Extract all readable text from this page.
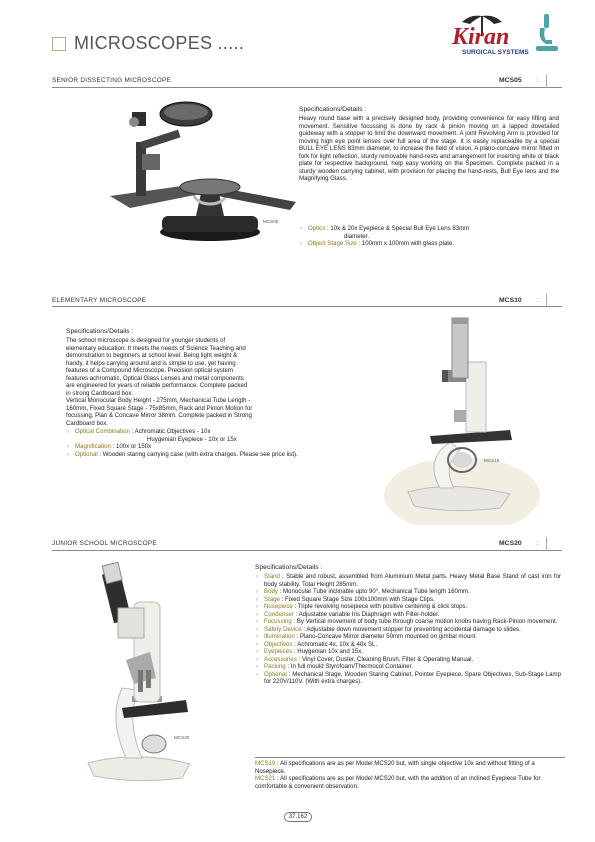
MICROSCOPES .....	Kiran
SURGICAL SYSTEMS
SENIOR DISSECTING MICROSCOPE	MCS05 ::
MCS05
Specifications/Details :
Heavy round base with a precisely designed body, providing convenience for easy lifting and movement. Sensitive focussing is done by rack & pinion moving on a lapped dovetailed guideway with a stopper to limit the downward movement. A joint Revolving Arm is provided for moving high eye point lenses over full area of the stage. It is easily replaceable by a special BULL EYE LENS 83mm diameter, to increase the field of vision. A plano-concave mirror fitted in fork for light reflection, sturdy removable hand-rests and arrangement for inserting white or black plate for respective background, help easy working on the Specimen. Complete packed in a sturdy wooden carrying cabinet, with provision for placing the hand-rests, Bull Eye lens and the Magnifying Glass.
› Optics : 10x & 20x Eyepiece & Special Bull Eye Lens 83mm
diameter.
› Object Stage Size : 100mm x 100mm with glass plate.
ELEMENTARY MICROSCOPE	MCS10 ::
Specifications/Details :
The school microscope is designed for younger students of
elementary education. It meets the needs of Science Teaching and
demonstration to beginners at school level. Being light weight &
handy, it helps carrying around and is simple to use, yet having
features of a Compound Microscope. Precision optical system
features achromatic, Optical Glass Lenses and metal components
are engineered for years of reliable performance. Complete packed
in strong Cardboard box.
Vertical Monocular Body Height - 275mm, Mechanical Tube Length -
160mm, Fixed Square Stage - 75x85mm, Rack and Pinion Motion for
focussing, Plan & Concave Mirror 38mm. Complete packed in Strong
Cardboard box.
› Optical Combination : Achromatic Objectives - 10x
Huygenian Eyepiece - 10x or 15x
› Magnification : 100x or 150x
› Optional : Wooden staring carrying case (with extra charges. Please see price list).
MCS10
JUNIOR SCHOOL MICROSCOPE	MCS20 ::
MCS20
Specifications/Details :
› Stand : Stable and robust, assembled from Aluminium Metal parts. Heavy Metal Base Stand of cast iron for body stability. Total Height 285mm.
› Body : Monocular Tube inclinable upto 90°, Mechanical Tube length 160mm.
› Stage : Fixed Square Stage Size 100x100mm with Stage Clips.
› Nosepiece : Triple revolving nosepiece with positive centering & click stops.
› Condenser : Adjustable variable Iris Diaphragm with Filter-holder.
› Focussing : By Vertical movement of body tube through coarse motion knobs having Rack-Pinion movement.
› Safety Device : Adjustable down movement stopper for preventing accidental damage to slides.
› Illumination : Plano-Concave Mirror diameter 50mm mounted on gimbal mount.
› Objectives : Achromatic 4x, 10x & 40x SL.
› Eyepieces : Huygenian 10x and 15x.
› Accessories : Vinyl Cover, Duster, Cleaning Brush, Filter & Operating Manual.
› Packing : In full mould Styrofoam/Thermocol Container.
› Optional : Mechanical Stage, Wooden Staring Cabinet, Pointer Eyepiece, Spare Objectives, Sub-Stage Lamp for 220V/110V. (With extra charges).
MCS19 : All specifications are as per Model MCS20 but, with single objective 10x and without fitting of a Nosepiece.
MCS21 : All specifications are as per Model MCS20 but, with the addition of an inclined Eyepiece Tube for comfortable & convenient observation.
37.162
